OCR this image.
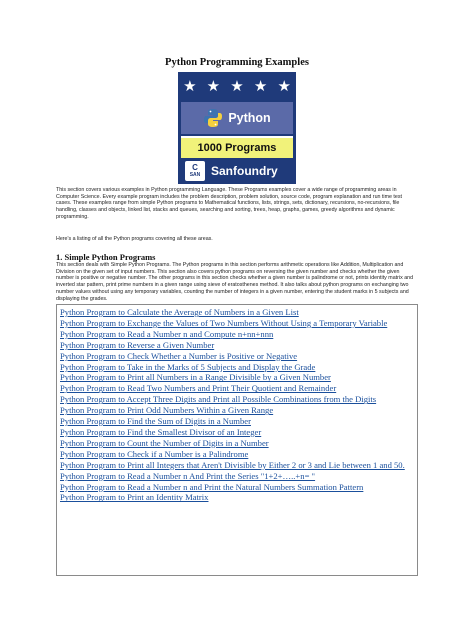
Python Programming Examples
★ ★ ★ ★ ★
Python
1000 Programs
C
SAN Sanfoundry

This section covers various examples in Python programming Language. These Programs examples cover a wide range of programming areas in Computer Science. Every example program includes the problem description, problem solution, source code, program explanation and run time test cases. These examples range from simple Python programs to Mathematical functions, lists, strings, sets, dictionary, recursions, no-recursions, file handling, classes and objects, linked list, stacks and queues, searching and sorting, trees, heap, graphs, games, greedy algorithms and dynamic programming.

Here's a listing of all the Python programs covering all these areas.

1. Simple Python Programs

This section deals with Simple Python Programs. The Python programs in this section performs arithmetic operations like Addition, Multiplication and Division on the given set of input numbers. This section also covers python programs on reversing the given number and checks whether the given number is positive or negative number. The other programs in this section checks whether a given number is palindrome or not, prints identity matrix and inverted star pattern, print prime numbers in a given range using sieve of eratosthenes method. It also talks about python programs on exchanging two number values without using any temporary variables, counting the number of integers in a given number, entering the student marks in 5 subjects and displaying the grades.

Python Program to Calculate the Average of Numbers in a Given List
Python Program to Exchange the Values of Two Numbers Without Using a Temporary Variable
Python Program to Read a Number n and Compute n+nn+nnn
Python Program to Reverse a Given Number
Python Program to Check Whether a Number is Positive or Negative
Python Program to Take in the Marks of 5 Subjects and Display the Grade
Python Program to Print all Numbers in a Range Divisible by a Given Number
Python Program to Read Two Numbers and Print Their Quotient and Remainder
Python Program to Accept Three Digits and Print all Possible Combinations from the Digits
Python Program to Print Odd Numbers Within a Given Range
Python Program to Find the Sum of Digits in a Number
Python Program to Find the Smallest Divisor of an Integer
Python Program to Count the Number of Digits in a Number
Python Program to Check if a Number is a Palindrome
Python Program to Print all Integers that Aren't Divisible by Either 2 or 3 and Lie between 1 and 50.
Python Program to Read a Number n And Print the Series "1+2+…..+n= "
Python Program to Read a Number n and Print the Natural Numbers Summation Pattern
Python Program to Print an Identity Matrix
